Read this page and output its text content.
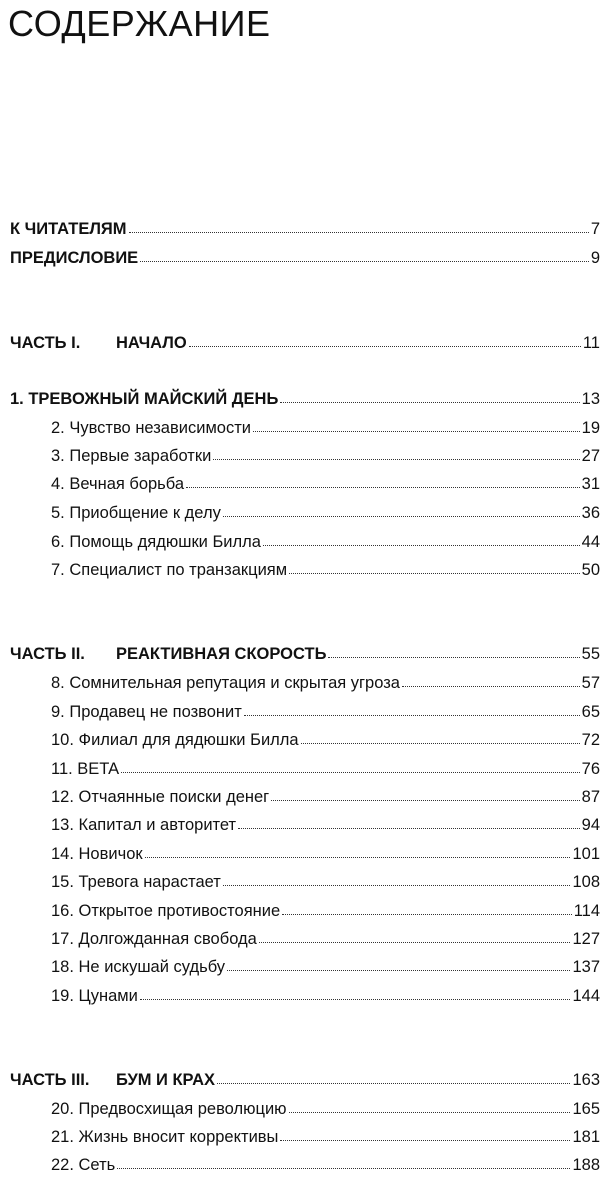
СОДЕРЖАНИЕ
К ЧИТАТЕЛЯМ	7
ПРЕДИСЛОВИЕ	9
ЧАСТЬ I.	НАЧАЛО	11
1. ТРЕВОЖНЫЙ МАЙСКИЙ ДЕНЬ	13
2. Чувство независимости	19
3. Первые заработки	27
4. Вечная борьба	31
5. Приобщение к делу	36
6. Помощь дядюшки Билла	44
7. Специалист по транзакциям	50
ЧАСТЬ II.	РЕАКТИВНАЯ СКОРОСТЬ	55
8. Сомнительная репутация и скрытая угроза	57
9. Продавец не позвонит	65
10. Филиал для дядюшки Билла	72
11. BETA	76
12. Отчаянные поиски денег	87
13. Капитал и авторитет	94
14. Новичок	101
15. Тревога нарастает	108
16. Открытое противостояние	114
17. Долгожданная свобода	127
18. Не искушай судьбу	137
19. Цунами	144
ЧАСТЬ III.	БУМ И КРАХ	163
20. Предвосхищая революцию	165
21. Жизнь вносит коррективы	181
22. Сеть	188
